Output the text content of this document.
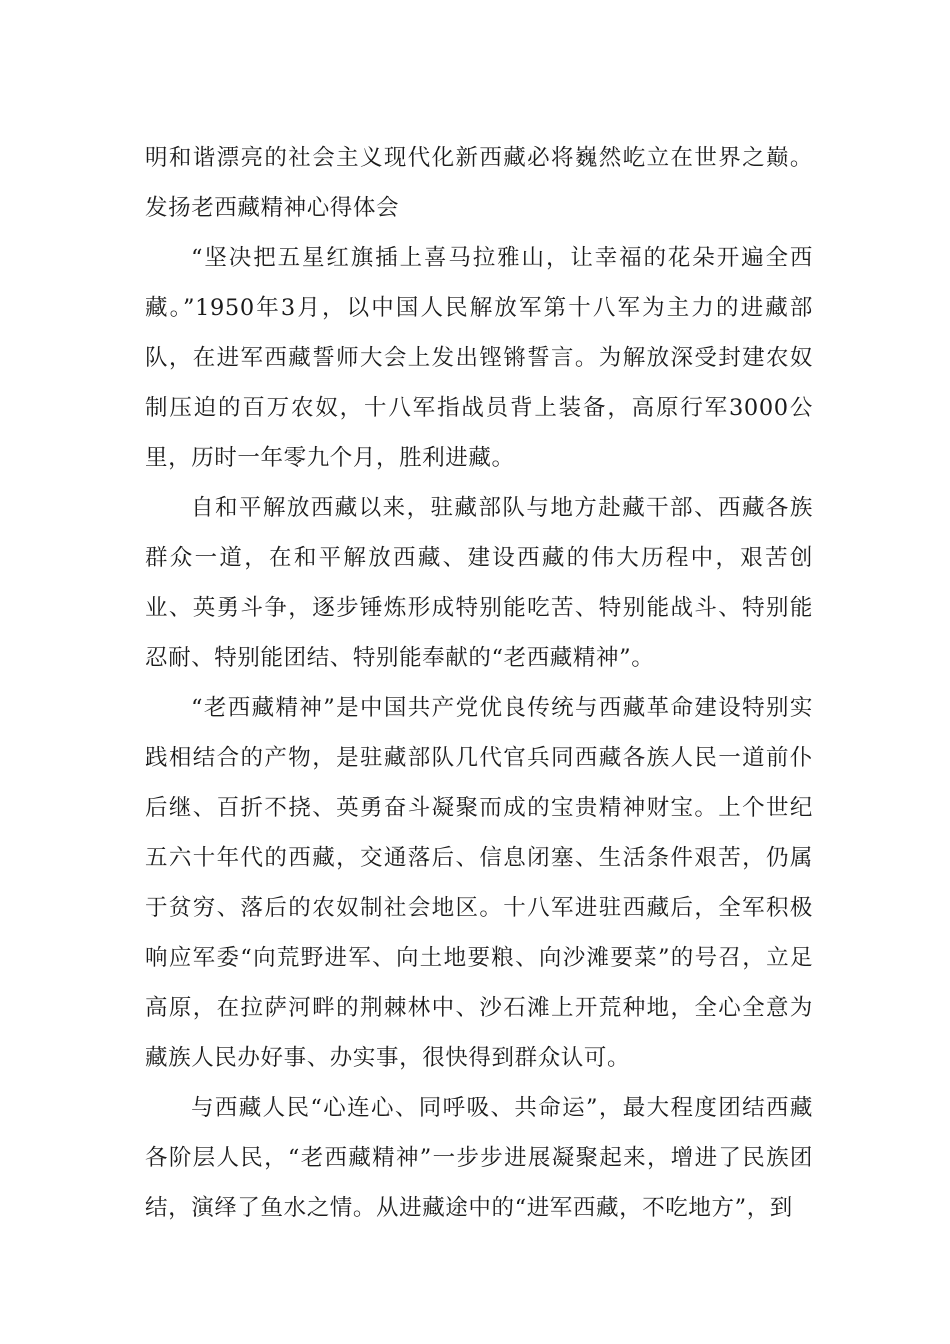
明和谐漂亮的社会主义现代化新西藏必将巍然屹立在世界之巅。发扬老西藏精神心得体会

“坚决把五星红旗插上喜马拉雅山，让幸福的花朵开遍全西藏。”1950年3月，以中国人民解放军第十八军为主力的进藏部队，在进军西藏誓师大会上发出铿锵誓言。为解放深受封建农奴制压迫的百万农奴，十八军指战员背上装备，高原行军3000公里，历时一年零九个月，胜利进藏。

自和平解放西藏以来，驻藏部队与地方赴藏干部、西藏各族群众一道，在和平解放西藏、建设西藏的伟大历程中，艰苦创业、英勇斗争，逐步锤炼形成特别能吃苦、特别能战斗、特别能忍耐、特别能团结、特别能奉献的“老西藏精神”。

“老西藏精神”是中国共产党优良传统与西藏革命建设特别实践相结合的产物，是驻藏部队几代官兵同西藏各族人民一道前仆后继、百折不挠、英勇奋斗凝聚而成的宝贵精神财宝。上个世纪五六十年代的西藏，交通落后、信息闭塞、生活条件艰苦，仍属于贫穷、落后的农奴制社会地区。十八军进驻西藏后，全军积极响应军委“向荒野进军、向土地要粮、向沙滩要菜”的号召，立足高原，在拉萨河畔的荆棘林中、沙石滩上开荒种地，全心全意为藏族人民办好事、办实事，很快得到群众认可。

与西藏人民“心连心、同呼吸、共命运”，最大程度团结西藏各阶层人民，“老西藏精神”一步步进展凝聚起来，增进了民族团结，演绎了鱼水之情。从进藏途中的“进军西藏，不吃地方”，到
